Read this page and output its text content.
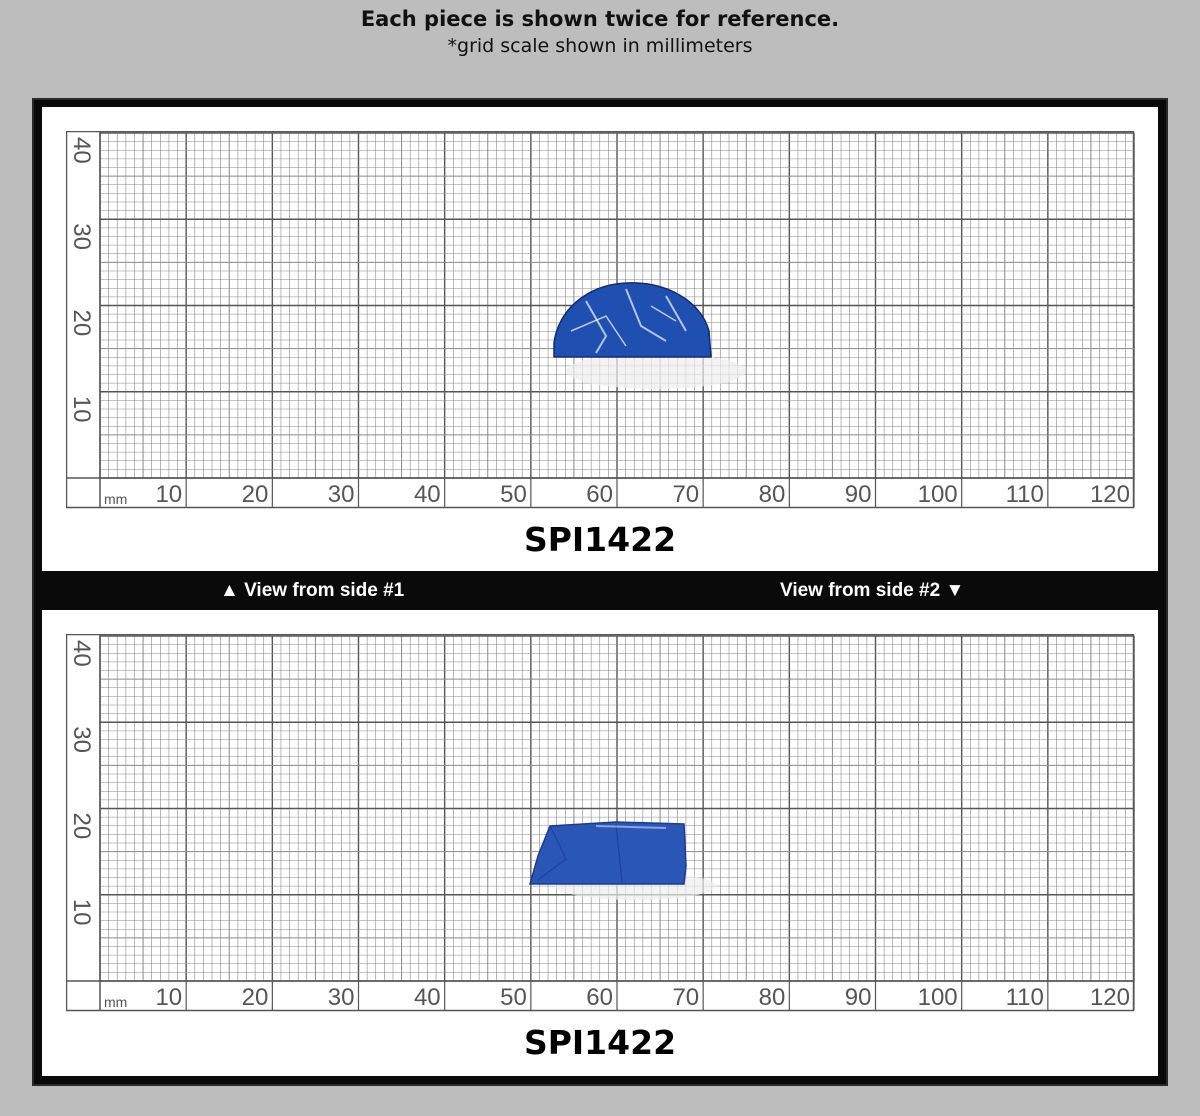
Each piece is shown twice for reference.
*grid scale shown in millimeters
10 20 30 40 50 60 70 80 90 100 110 120
mm
10
20
30
40
SPI1422
▲ View from side #1	View from side #2 ▼
10 20 30 40 50 60 70 80 90 100 110 120
mm
10
20
30
40
SPI1422
